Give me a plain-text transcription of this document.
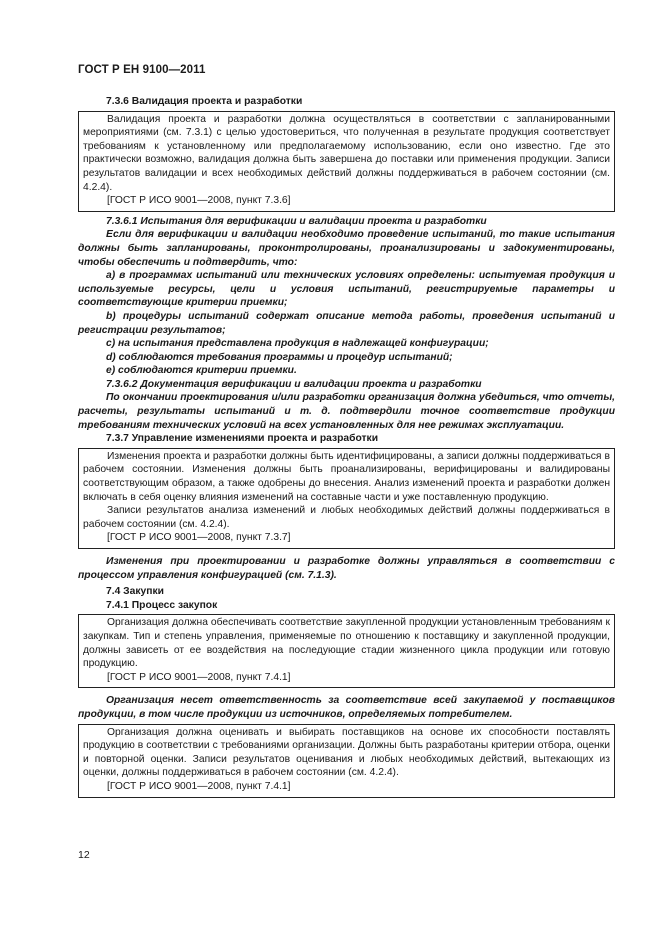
ГОСТ Р ЕН 9100—2011

7.3.6 Валидация проекта и разработки

Валидация проекта и разработки должна осуществляться в соответствии с запланированными мероприятиями (см. 7.3.1) с целью удостовериться, что полученная в результате продукция соответствует требованиям к установленному или предполагаемому использованию, если оно известно. Где это практически возможно, валидация должна быть завершена до поставки или применения продукции. Записи результатов валидации и всех необходимых действий должны поддерживаться в рабочем состоянии (см. 4.2.4).

[ГОСТ Р ИСО 9001—2008, пункт 7.3.6]

7.3.6.1 Испытания для верификации и валидации проекта и разработки

Если для верификации и валидации необходимо проведение испытаний, то такие испытания должны быть запланированы, проконтролированы, проанализированы и задокументированы, чтобы обеспечить и подтвердить, что:

a) в программах испытаний или технических условиях определены: испытуемая продукция и используемые ресурсы, цели и условия испытаний, регистрируемые параметры и соответствующие критерии приемки;

b) процедуры испытаний содержат описание метода работы, проведения испытаний и регистрации результатов;

c) на испытания представлена продукция в надлежащей конфигурации;

d) соблюдаются требования программы и процедур испытаний;

e) соблюдаются критерии приемки.

7.3.6.2 Документация верификации и валидации проекта и разработки

По окончании проектирования и/или разработки организация должна убедиться, что отчеты, расчеты, результаты испытаний и т. д. подтвердили точное соответствие продукции требованиям технических условий на всех установленных для нее режимах эксплуатации.

7.3.7 Управление изменениями проекта и разработки

Изменения проекта и разработки должны быть идентифицированы, а записи должны поддерживаться в рабочем состоянии. Изменения должны быть проанализированы, верифицированы и валидированы соответствующим образом, а также одобрены до внесения. Анализ изменений проекта и разработки должен включать в себя оценку влияния изменений на составные части и уже поставленную продукцию.

Записи результатов анализа изменений и любых необходимых действий должны поддерживаться в рабочем состоянии (см. 4.2.4).

[ГОСТ Р ИСО 9001—2008, пункт 7.3.7]

Изменения при проектировании и разработке должны управляться в соответствии с процессом управления конфигурацией (см. 7.1.3).

7.4 Закупки

7.4.1 Процесс закупок

Организация должна обеспечивать соответствие закупленной продукции установленным требованиям к закупкам. Тип и степень управления, применяемые по отношению к поставщику и закупленной продукции, должны зависеть от ее воздействия на последующие стадии жизненного цикла продукции или готовую продукцию.

[ГОСТ Р ИСО 9001—2008, пункт 7.4.1]

Организация несет ответственность за соответствие всей закупаемой у поставщиков продукции, в том числе продукции из источников, определяемых потребителем.

Организация должна оценивать и выбирать поставщиков на основе их способности поставлять продукцию в соответствии с требованиями организации. Должны быть разработаны критерии отбора, оценки и повторной оценки. Записи результатов оценивания и любых необходимых действий, вытекающих из оценки, должны поддерживаться в рабочем состоянии (см. 4.2.4).

[ГОСТ Р ИСО 9001—2008, пункт 7.4.1]

12
